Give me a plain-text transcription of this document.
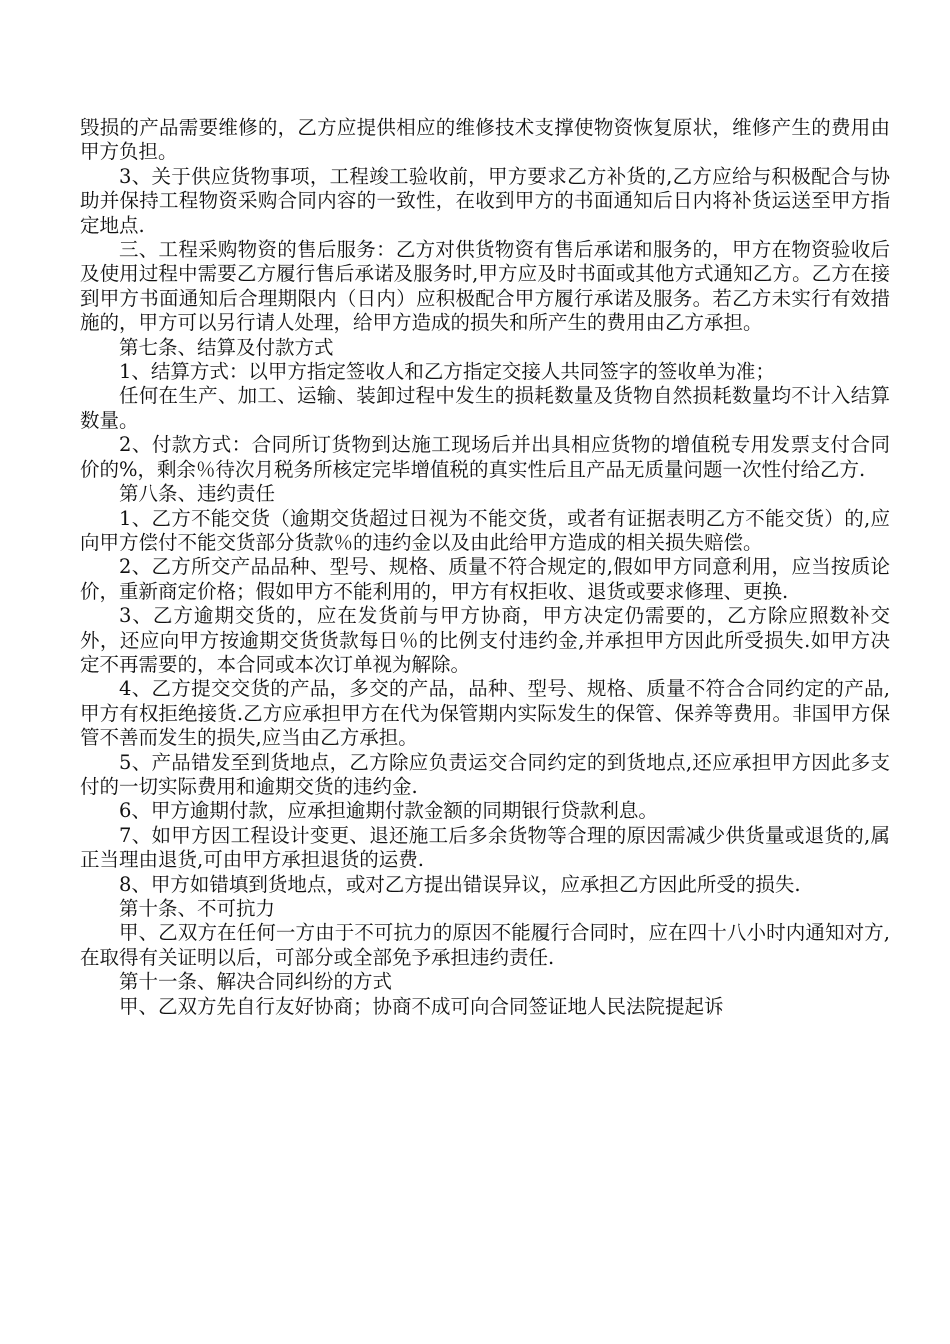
毁损的产品需要维修的，乙方应提供相应的维修技术支撑使物资恢复原状，维修产生的费用由甲方负担。

3、关于供应货物事项，工程竣工验收前，甲方要求乙方补货的,乙方应给与积极配合与协助并保持工程物资采购合同内容的一致性，在收到甲方的书面通知后日内将补货运送至甲方指定地点.

三、工程采购物资的售后服务：乙方对供货物资有售后承诺和服务的，甲方在物资验收后及使用过程中需要乙方履行售后承诺及服务时,甲方应及时书面或其他方式通知乙方。乙方在接到甲方书面通知后合理期限内（日内）应积极配合甲方履行承诺及服务。若乙方未实行有效措施的，甲方可以另行请人处理，给甲方造成的损失和所产生的费用由乙方承担。

第七条、结算及付款方式

1、结算方式：以甲方指定签收人和乙方指定交接人共同签字的签收单为准；

任何在生产、加工、运输、装卸过程中发生的损耗数量及货物自然损耗数量均不计入结算数量。

2、付款方式：合同所订货物到达施工现场后并出具相应货物的增值税专用发票支付合同价的%，剩余％待次月税务所核定完毕增值税的真实性后且产品无质量问题一次性付给乙方.

第八条、违约责任

1、乙方不能交货（逾期交货超过日视为不能交货，或者有证据表明乙方不能交货）的,应向甲方偿付不能交货部分货款％的违约金以及由此给甲方造成的相关损失赔偿。

2、乙方所交产品品种、型号、规格、质量不符合规定的,假如甲方同意利用，应当按质论价，重新商定价格；假如甲方不能利用的，甲方有权拒收、退货或要求修理、更换.

3、乙方逾期交货的，应在发货前与甲方协商，甲方决定仍需要的，乙方除应照数补交外，还应向甲方按逾期交货货款每日％的比例支付违约金,并承担甲方因此所受损失.如甲方决定不再需要的，本合同或本次订单视为解除。

4、乙方提交交货的产品，多交的产品，品种、型号、规格、质量不符合合同约定的产品,甲方有权拒绝接货.乙方应承担甲方在代为保管期内实际发生的保管、保养等费用。非国甲方保管不善而发生的损失,应当由乙方承担。

5、产品错发至到货地点，乙方除应负责运交合同约定的到货地点,还应承担甲方因此多支付的一切实际费用和逾期交货的违约金.

6、甲方逾期付款，应承担逾期付款金额的同期银行贷款利息。

7、如甲方因工程设计变更、退还施工后多余货物等合理的原因需减少供货量或退货的,属正当理由退货,可由甲方承担退货的运费.

8、甲方如错填到货地点，或对乙方提出错误异议，应承担乙方因此所受的损失.

第十条、不可抗力

甲、乙双方在任何一方由于不可抗力的原因不能履行合同时，应在四十八小时内通知对方,在取得有关证明以后，可部分或全部免予承担违约责任.

第十一条、解决合同纠纷的方式

甲、乙双方先自行友好协商；协商不成可向合同签证地人民法院提起诉
